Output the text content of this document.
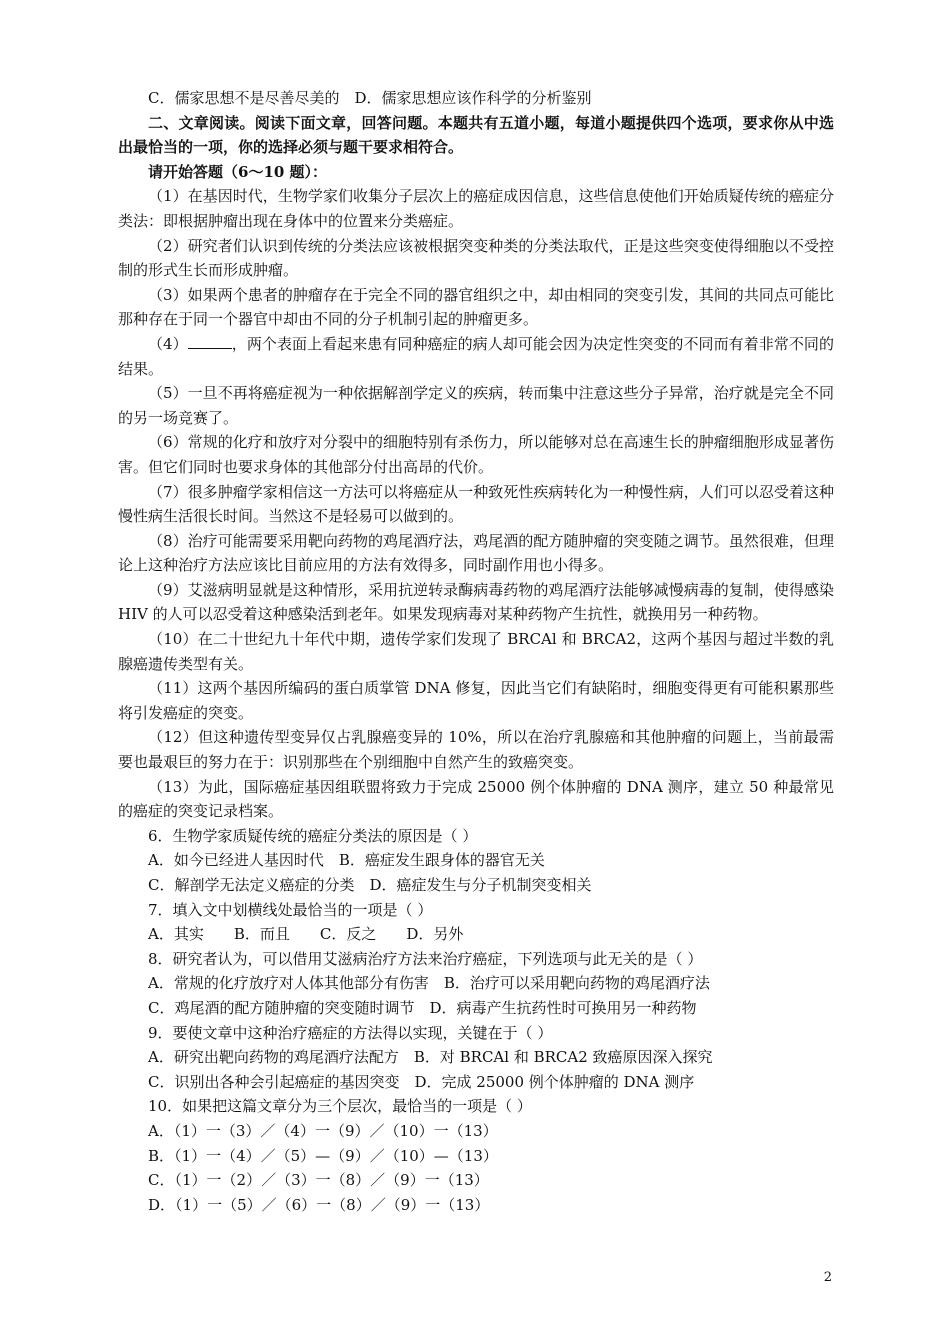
C．儒家思想不是尽善尽美的　D．儒家思想应该作科学的分析鉴别

二、文章阅读。阅读下面文章，回答问题。本题共有五道小题，每道小题提供四个选项，要求你从中选出最恰当的一项，你的选择必须与题干要求相符合。

请开始答题（6～10 题）：

（1）在基因时代，生物学家们收集分子层次上的癌症成因信息，这些信息使他们开始质疑传统的癌症分类法：即根据肿瘤出现在身体中的位置来分类癌症。

（2）研究者们认识到传统的分类法应该被根据突变种类的分类法取代，正是这些突变使得细胞以不受控制的形式生长而形成肿瘤。

（3）如果两个患者的肿瘤存在于完全不同的器官组织之中，却由相同的突变引发，其间的共同点可能比那种存在于同一个器官中却由不同的分子机制引起的肿瘤更多。

（4）	，两个表面上看起来患有同种癌症的病人却可能会因为决定性突变的不同而有着非常不同的结果。

（5）一旦不再将癌症视为一种依据解剖学定义的疾病，转而集中注意这些分子异常，治疗就是完全不同的另一场竞赛了。

（6）常规的化疗和放疗对分裂中的细胞特别有杀伤力，所以能够对总在高速生长的肿瘤细胞形成显著伤害。但它们同时也要求身体的其他部分付出高昂的代价。

（7）很多肿瘤学家相信这一方法可以将癌症从一种致死性疾病转化为一种慢性病，人们可以忍受着这种慢性病生活很长时间。当然这不是轻易可以做到的。

（8）治疗可能需要采用靶向药物的鸡尾酒疗法，鸡尾酒的配方随肿瘤的突变随之调节。虽然很难，但理论上这种治疗方法应该比目前应用的方法有效得多，同时副作用也小得多。

（9）艾滋病明显就是这种情形，采用抗逆转录酶病毒药物的鸡尾酒疗法能够减慢病毒的复制，使得感染 HIV 的人可以忍受着这种感染活到老年。如果发现病毒对某种药物产生抗性，就换用另一种药物。

（10）在二十世纪九十年代中期，遗传学家们发现了 BRCAl 和 BRCA2，这两个基因与超过半数的乳腺癌遗传类型有关。

（11）这两个基因所编码的蛋白质掌管 DNA 修复，因此当它们有缺陷时，细胞变得更有可能积累那些将引发癌症的突变。

（12）但这种遗传型变异仅占乳腺癌变异的 10%，所以在治疗乳腺癌和其他肿瘤的问题上，当前最需要也最艰巨的努力在于：识别那些在个别细胞中自然产生的致癌突变。

（13）为此，国际癌症基因组联盟将致力于完成 25000 例个体肿瘤的 DNA 测序，建立 50 种最常见的癌症的突变记录档案。

6．生物学家质疑传统的癌症分类法的原因是（ ）

A．如今已经进人基因时代　B．癌症发生跟身体的器官无关

C．解剖学无法定义癌症的分类　D．癌症发生与分子机制突变相关

7．填入文中划横线处最恰当的一项是（ ）

A．其实　　B．而且　　C．反之　　D．另外

8．研究者认为，可以借用艾滋病治疗方法来治疗癌症，下列选项与此无关的是（ ）

A．常规的化疗放疗对人体其他部分有伤害　B．治疗可以采用靶向药物的鸡尾酒疗法

C．鸡尾酒的配方随肿瘤的突变随时调节　D．病毒产生抗药性时可换用另一种药物

9．要使文章中这种治疗癌症的方法得以实现，关键在于（ ）

A．研究出靶向药物的鸡尾酒疗法配方　B．对 BRCAl 和 BRCA2 致癌原因深入探究

C．识别出各种会引起癌症的基因突变　D．完成 25000 例个体肿瘤的 DNA 测序

10．如果把这篇文章分为三个层次，最恰当的一项是（ ）

A．（1）一（3）／（4）一（9）／（10）一（13）

B．（1）一（4）／（5）—（9）／（10）—（13）

C．（1）一（2）／（3）一（8）／（9）一（13）

D．（1）一（5）／（6）一（8）／（9）一（13）

2
